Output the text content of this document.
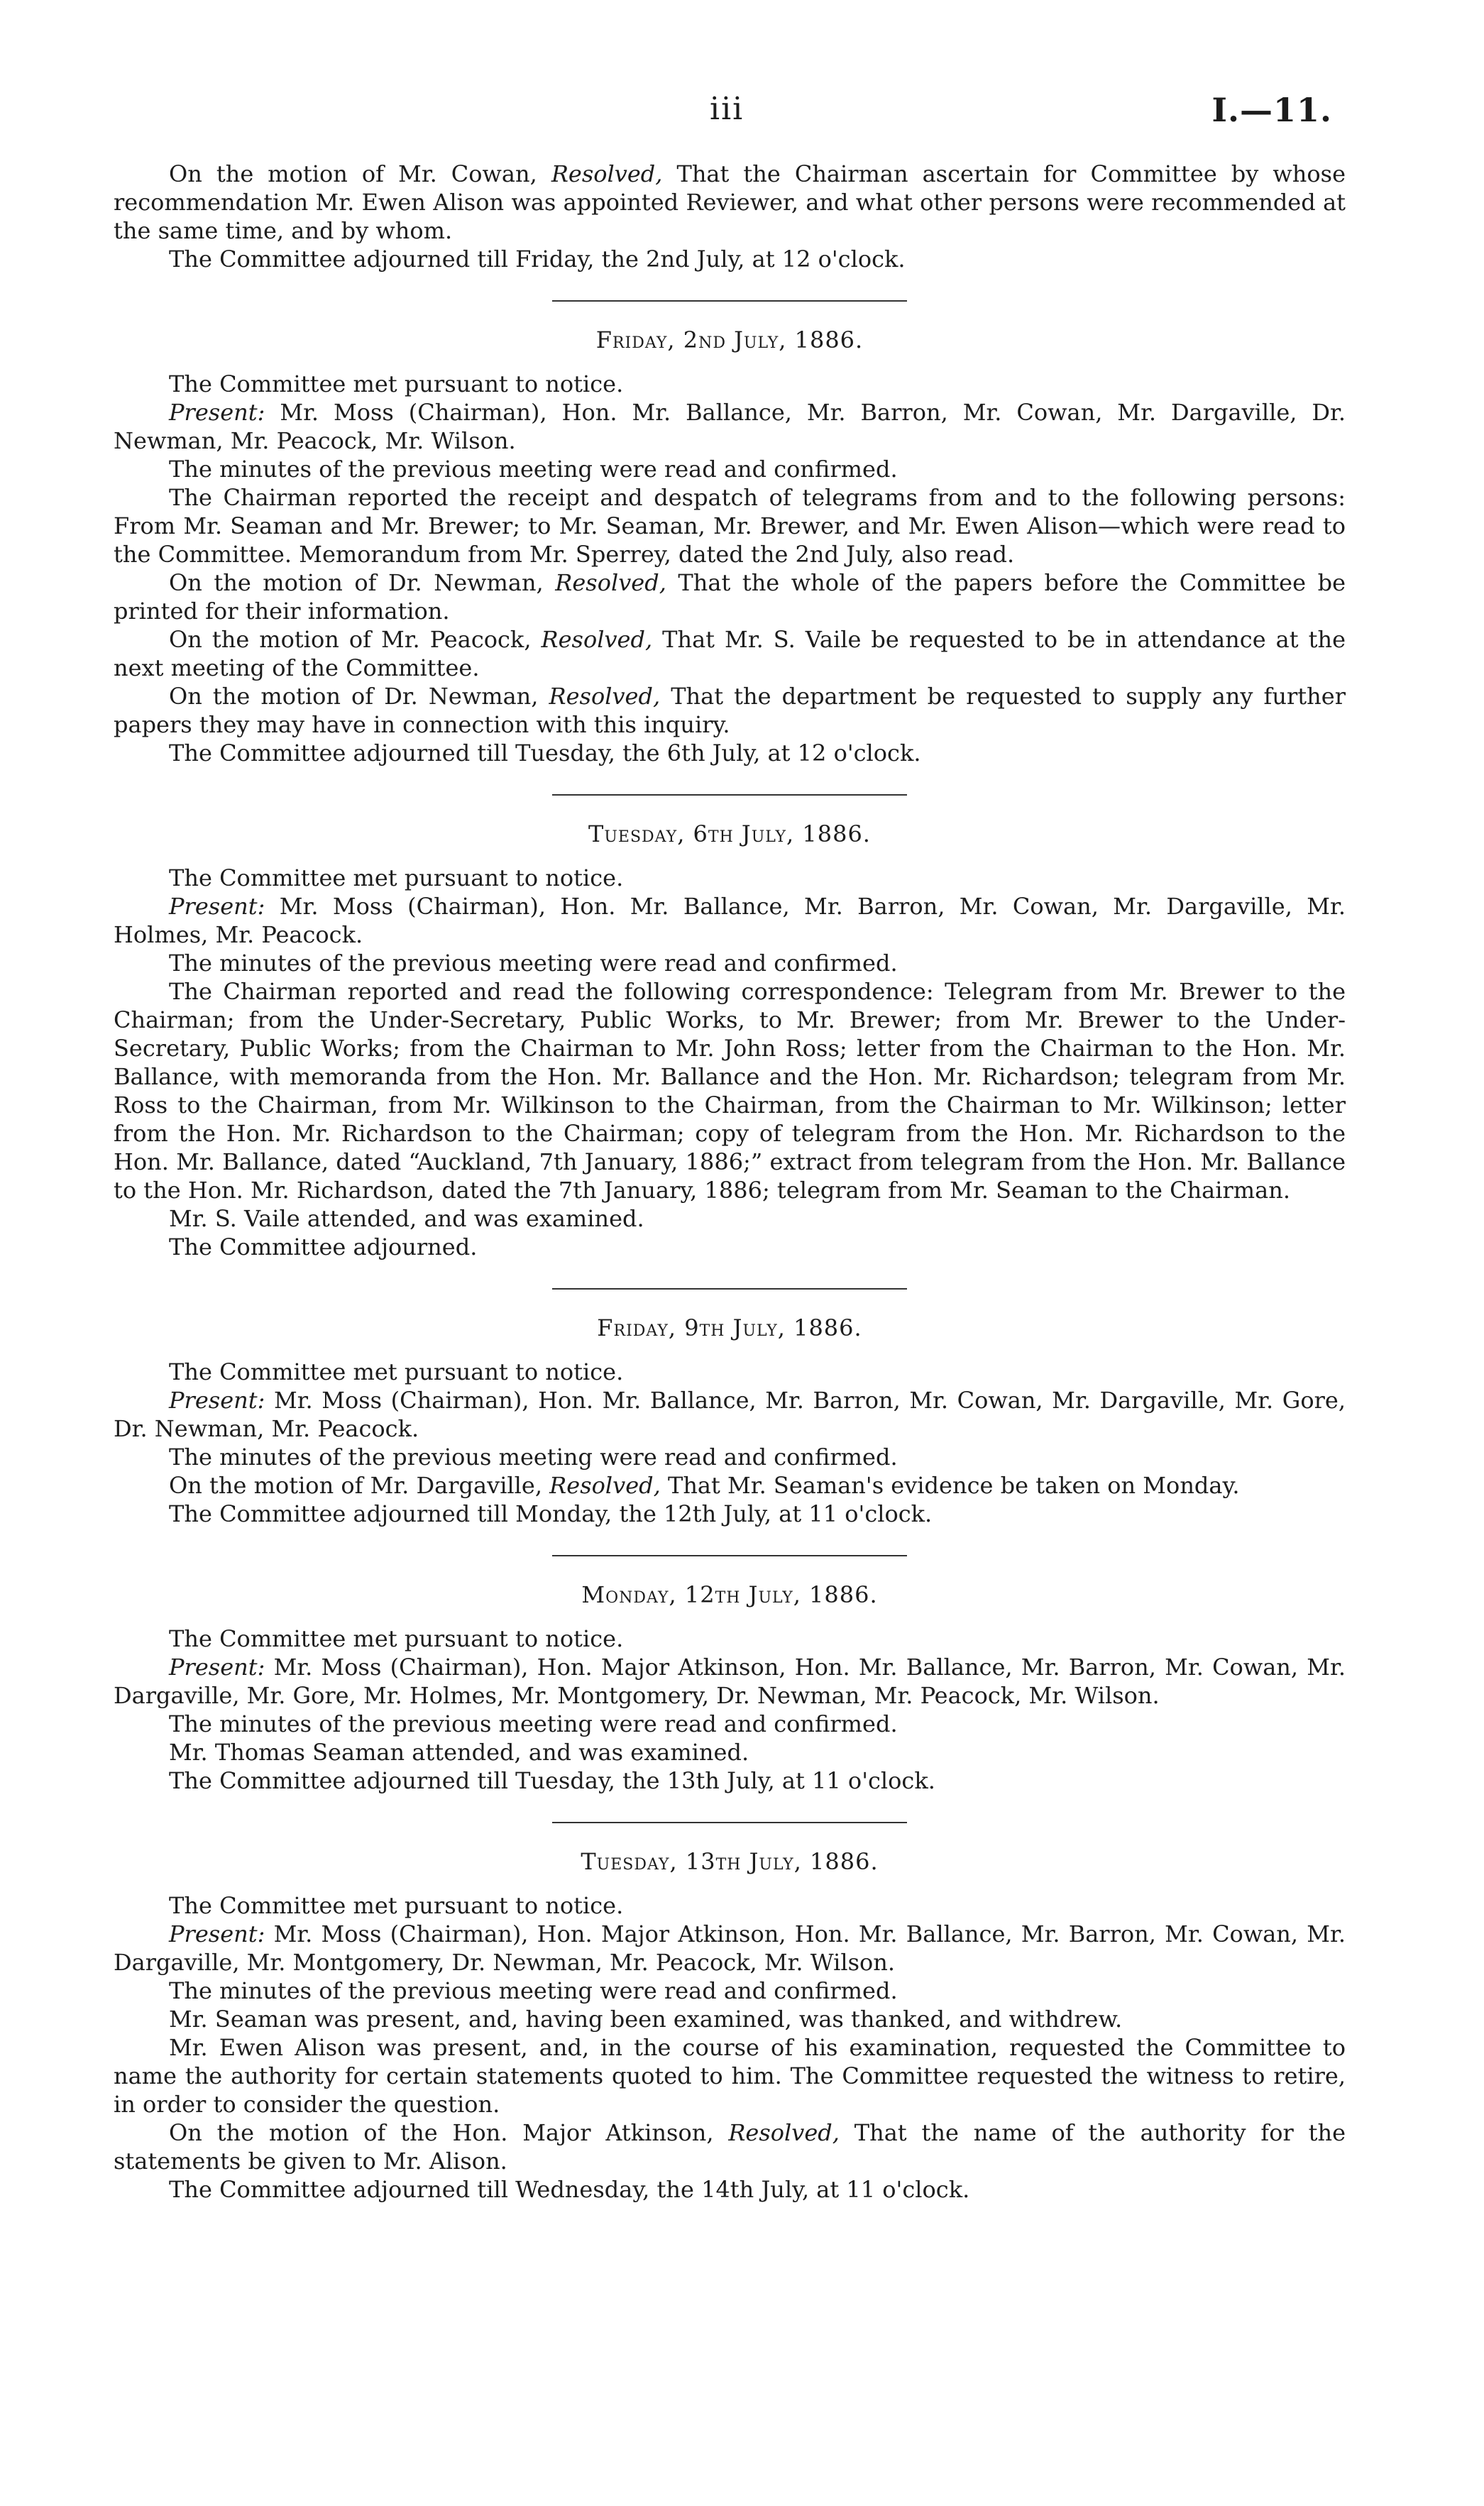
iii	I.—11.

On the motion of Mr. Cowan, Resolved, That the Chairman ascertain for Committee by whose recommendation Mr. Ewen Alison was appointed Reviewer, and what other persons were recommended at the same time, and by whom.

The Committee adjourned till Friday, the 2nd July, at 12 o'clock.

Friday, 2nd July, 1886.

The Committee met pursuant to notice.

Present: Mr. Moss (Chairman), Hon. Mr. Ballance, Mr. Barron, Mr. Cowan, Mr. Dargaville, Dr. Newman, Mr. Peacock, Mr. Wilson.

The minutes of the previous meeting were read and confirmed.

The Chairman reported the receipt and despatch of telegrams from and to the following persons: From Mr. Seaman and Mr. Brewer; to Mr. Seaman, Mr. Brewer, and Mr. Ewen Alison—which were read to the Committee. Memorandum from Mr. Sperrey, dated the 2nd July, also read.

On the motion of Dr. Newman, Resolved, That the whole of the papers before the Committee be printed for their information.

On the motion of Mr. Peacock, Resolved, That Mr. S. Vaile be requested to be in attendance at the next meeting of the Committee.

On the motion of Dr. Newman, Resolved, That the department be requested to supply any further papers they may have in connection with this inquiry.

The Committee adjourned till Tuesday, the 6th July, at 12 o'clock.

Tuesday, 6th July, 1886.

The Committee met pursuant to notice.

Present: Mr. Moss (Chairman), Hon. Mr. Ballance, Mr. Barron, Mr. Cowan, Mr. Dargaville, Mr. Holmes, Mr. Peacock.

The minutes of the previous meeting were read and confirmed.

The Chairman reported and read the following correspondence: Telegram from Mr. Brewer to the Chairman; from the Under-Secretary, Public Works, to Mr. Brewer; from Mr. Brewer to the Under-Secretary, Public Works; from the Chairman to Mr. John Ross; letter from the Chairman to the Hon. Mr. Ballance, with memoranda from the Hon. Mr. Ballance and the Hon. Mr. Richardson; telegram from Mr. Ross to the Chairman, from Mr. Wilkinson to the Chairman, from the Chairman to Mr. Wilkinson; letter from the Hon. Mr. Richardson to the Chairman; copy of telegram from the Hon. Mr. Richardson to the Hon. Mr. Ballance, dated “Auckland, 7th January, 1886;” extract from telegram from the Hon. Mr. Ballance to the Hon. Mr. Richardson, dated the 7th January, 1886; telegram from Mr. Seaman to the Chairman.

Mr. S. Vaile attended, and was examined.

The Committee adjourned.

Friday, 9th July, 1886.

The Committee met pursuant to notice.

Present: Mr. Moss (Chairman), Hon. Mr. Ballance, Mr. Barron, Mr. Cowan, Mr. Dargaville, Mr. Gore, Dr. Newman, Mr. Peacock.

The minutes of the previous meeting were read and confirmed.

On the motion of Mr. Dargaville, Resolved, That Mr. Seaman's evidence be taken on Monday.

The Committee adjourned till Monday, the 12th July, at 11 o'clock.

Monday, 12th July, 1886.

The Committee met pursuant to notice.

Present: Mr. Moss (Chairman), Hon. Major Atkinson, Hon. Mr. Ballance, Mr. Barron, Mr. Cowan, Mr. Dargaville, Mr. Gore, Mr. Holmes, Mr. Montgomery, Dr. Newman, Mr. Peacock, Mr. Wilson.

The minutes of the previous meeting were read and confirmed.

Mr. Thomas Seaman attended, and was examined.

The Committee adjourned till Tuesday, the 13th July, at 11 o'clock.

Tuesday, 13th July, 1886.

The Committee met pursuant to notice.

Present: Mr. Moss (Chairman), Hon. Major Atkinson, Hon. Mr. Ballance, Mr. Barron, Mr. Cowan, Mr. Dargaville, Mr. Montgomery, Dr. Newman, Mr. Peacock, Mr. Wilson.

The minutes of the previous meeting were read and confirmed.

Mr. Seaman was present, and, having been examined, was thanked, and withdrew.

Mr. Ewen Alison was present, and, in the course of his examination, requested the Committee to name the authority for certain statements quoted to him. The Committee requested the witness to retire, in order to consider the question.

On the motion of the Hon. Major Atkinson, Resolved, That the name of the authority for the statements be given to Mr. Alison.

The Committee adjourned till Wednesday, the 14th July, at 11 o'clock.
